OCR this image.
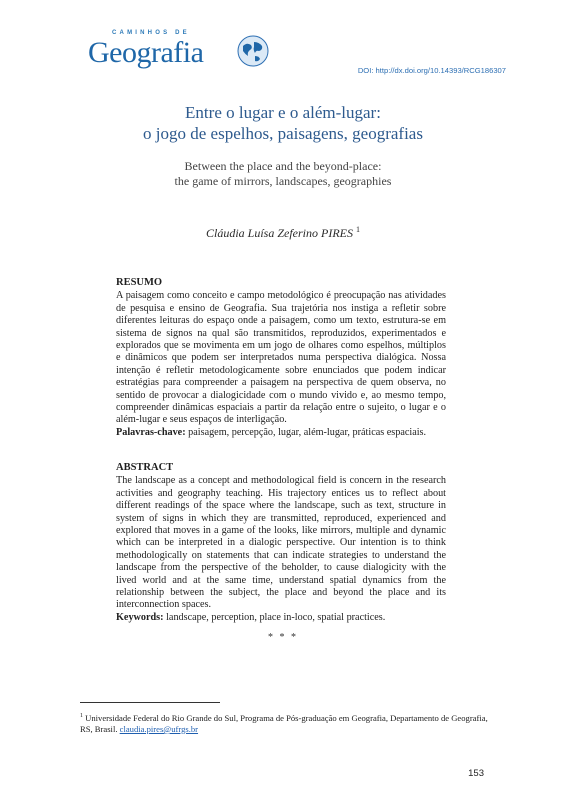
CAMINHOS DE
Geografia
DOI: http://dx.doi.org/10.14393/RCG186307
Entre o lugar e o além-lugar:
o jogo de espelhos, paisagens, geografias
Between the place and the beyond-place:
the game of mirrors, landscapes, geographies
Cláudia Luísa Zeferino PIRES $^1$
RESUMO
A paisagem como conceito e campo metodológico é preocupação nas atividades de pesquisa e ensino de Geografia. Sua trajetória nos instiga a refletir sobre diferentes leituras do espaço onde a paisagem, como um texto, estrutura-se em sistema de signos na qual são transmitidos, reproduzidos, experimentados e explorados que se movimenta em um jogo de olhares como espelhos, múltiplos e dinâmicos que podem ser interpretados numa perspectiva dialógica. Nossa intenção é refletir metodologicamente sobre enunciados que podem indicar estratégias para compreender a paisagem na perspectiva de quem observa, no sentido de provocar a dialogicidade com o mundo vivido e, ao mesmo tempo, compreender dinâmicas espaciais a partir da relação entre o sujeito, o lugar e o além-lugar e seus espaços de interligação.
Palavras-chave: paisagem, percepção, lugar, além-lugar, práticas espaciais.
ABSTRACT
The landscape as a concept and methodological field is concern in the research activities and geography teaching. His trajectory entices us to reflect about different readings of the space where the landscape, such as text, structure in system of signs in which they are transmitted, reproduced, experienced and explored that moves in a game of the looks, like mirrors, multiple and dynamic which can be interpreted in a dialogic perspective. Our intention is to think methodologically on statements that can indicate strategies to understand the landscape from the perspective of the beholder, to cause dialogicity with the lived world and at the same time, understand spatial dynamics from the relationship between the subject, the place and beyond the place and its interconnection spaces.
Keywords: landscape, perception, place in-loco, spatial practices.
* * *
$^1$ Universidade Federal do Rio Grande do Sul, Programa de Pós-graduação em Geografia, Departamento de Geografia, RS, Brasil. claudia.pires@ufrgs.br
153
